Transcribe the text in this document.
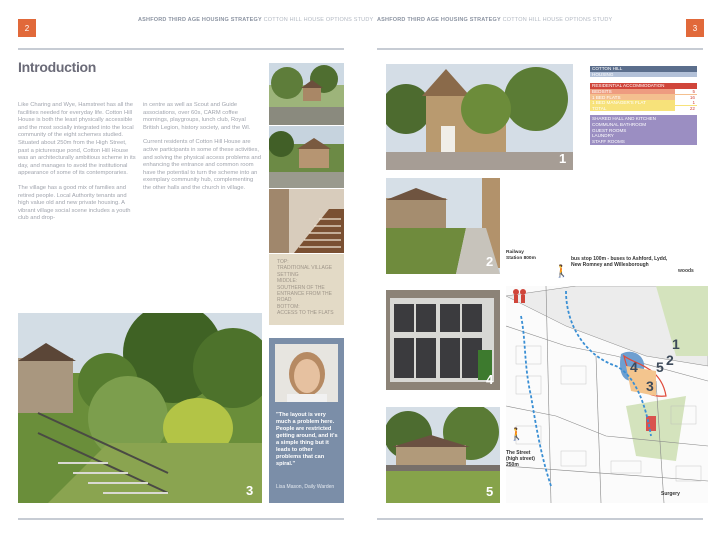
2
ASHFORD THIRD AGE HOUSING STRATEGY COTTON HILL HOUSE OPTIONS STUDY
Introduction

Like Charing and Wye, Hamstreet has all the facilities needed for everyday life. Cotton Hill House is both the least physically accessible and the most socially integrated into the local community of the eight schemes studied. Situated about 250m from the High Street, past a picturesque pond, Cotton Hill House was an architecturally ambitious scheme in its day, and manages to avoid the institutional appearance of some of its contemporaries.

The village has a good mix of families and retired people. Local Authority tenants and high value old and new private housing. A vibrant village social scene includes a youth club and drop-

in centre as well as Scout and Guide associations, over 60s, CARM coffee mornings, playgroups, lunch club, Royal British Legion, history society, and the WI.

Current residents of Cotton Hill House are active participants in some of these activities, and solving the physical access problems and enhancing the entrance and common room have the potential to turn the scheme into an exemplary community hub, complementing the other halls and the church in village.

TOP:
TRADITIONAL VILLAGE SETTING
MIDDLE:
SOUTHERN OF THE ENTRANCE FROM THE ROAD
BOTTOM:
ACCESS TO THE FLATS
3
"The layout is very much a problem here. People are restricted getting around, and it's a simple thing but it leads to other problems that can spiral."
Lisa Mason, Daily Warden
ASHFORD THIRD AGE HOUSING STRATEGY COTTON HILL HOUSE OPTIONS STUDY
3
1
COTTON HILL
HOUSING
RESIDENTIAL ACCOMMODATION
BEDSITS	5
1 BED FLATS	16
1 BED MANAGER'S FLAT	1
TOTAL	22
SHARED HALL AND KITCHEN
COMMUNAL BATHROOM
GUEST ROOMS
LAUNDRY
STAFF ROOMS
2
4
5
1
2
3
4 5
Railway Station 800m
🚶
bus stop 100m - buses to Ashford, Lydd, New Romney and Willesborough
woods
The Street (high street) 250m
🚶
Surgery
